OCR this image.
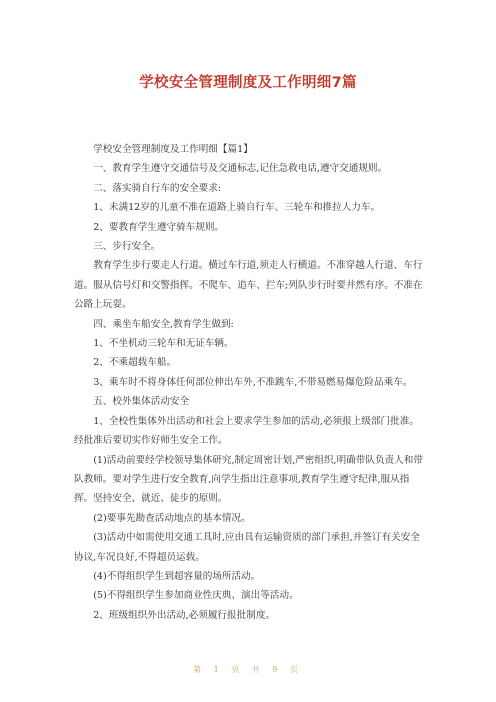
学校安全管理制度及工作明细7篇

学校安全管理制度及工作明细【篇1】

一、教育学生遵守交通信号及交通标志,记住急救电话,遵守交通规则。

二、落实骑自行车的安全要求:

1、未满12岁的儿童不准在道路上骑自行车、三轮车和推拉人力车。

2、要教育学生遵守骑车规则。

三、步行安全。

教育学生步行要走人行道。横过车行道,须走人行横道。不准穿越人行道、车行道。服从信号灯和交警指挥。不爬车、追车、拦车;列队步行时要井然有序。不准在公路上玩耍。

四、乘坐车船安全,教育学生做到:

1、不坐机动三轮车和无证车辆。

2、不乘超载车船。

3、乘车时不将身体任何部位伸出车外,不准跳车,不带易燃易爆危险品乘车。

五、校外集体活动安全

1、全校性集体外出活动和社会上要求学生参加的活动,必须报上级部门批准。经批准后要切实作好师生安全工作。

(1)活动前要经学校领导集体研究,制定周密计划,严密组织,明确带队负责人和带队教师。要对学生进行安全教育,向学生指出注意事项,教育学生遵守纪律,服从指挥。坚持安全、就近、徒步的原则。

(2)要事先勘查活动地点的基本情况。

(3)活动中如需使用交通工具时,应由具有运输资质的部门承担,并签订有关安全协议,车况良好,不得超员运载。

(4)不得组织学生到超容量的场所活动。

(5)不得组织学生参加商业性庆典、演出等活动。

2、班级组织外出活动,必须履行报批制度。

第 1 页 共 9 页
